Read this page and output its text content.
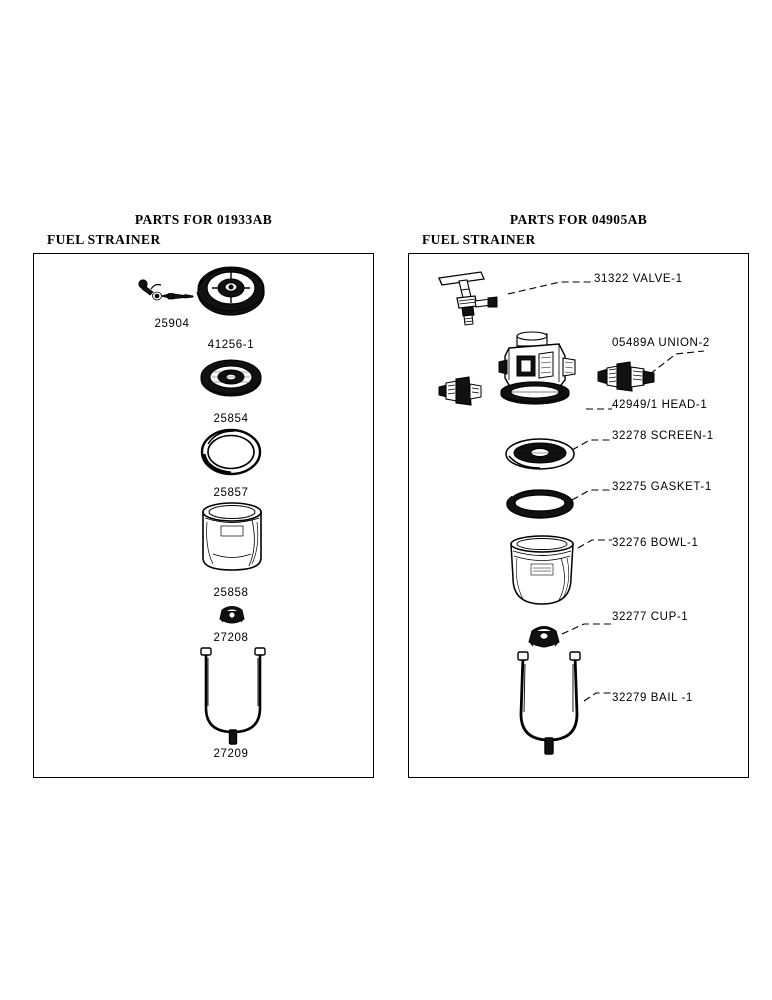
PARTS FOR 01933AB
FUEL STRAINER
PARTS FOR 04905AB
FUEL STRAINER
25904
41256-1
25854
25857
25858
27208
27209
31322 VALVE-1
05489A UNION-2
42949/1 HEAD-1
32278 SCREEN-1
32275 GASKET-1
32276 BOWL-1
32277 CUP-1
32279 BAIL -1
